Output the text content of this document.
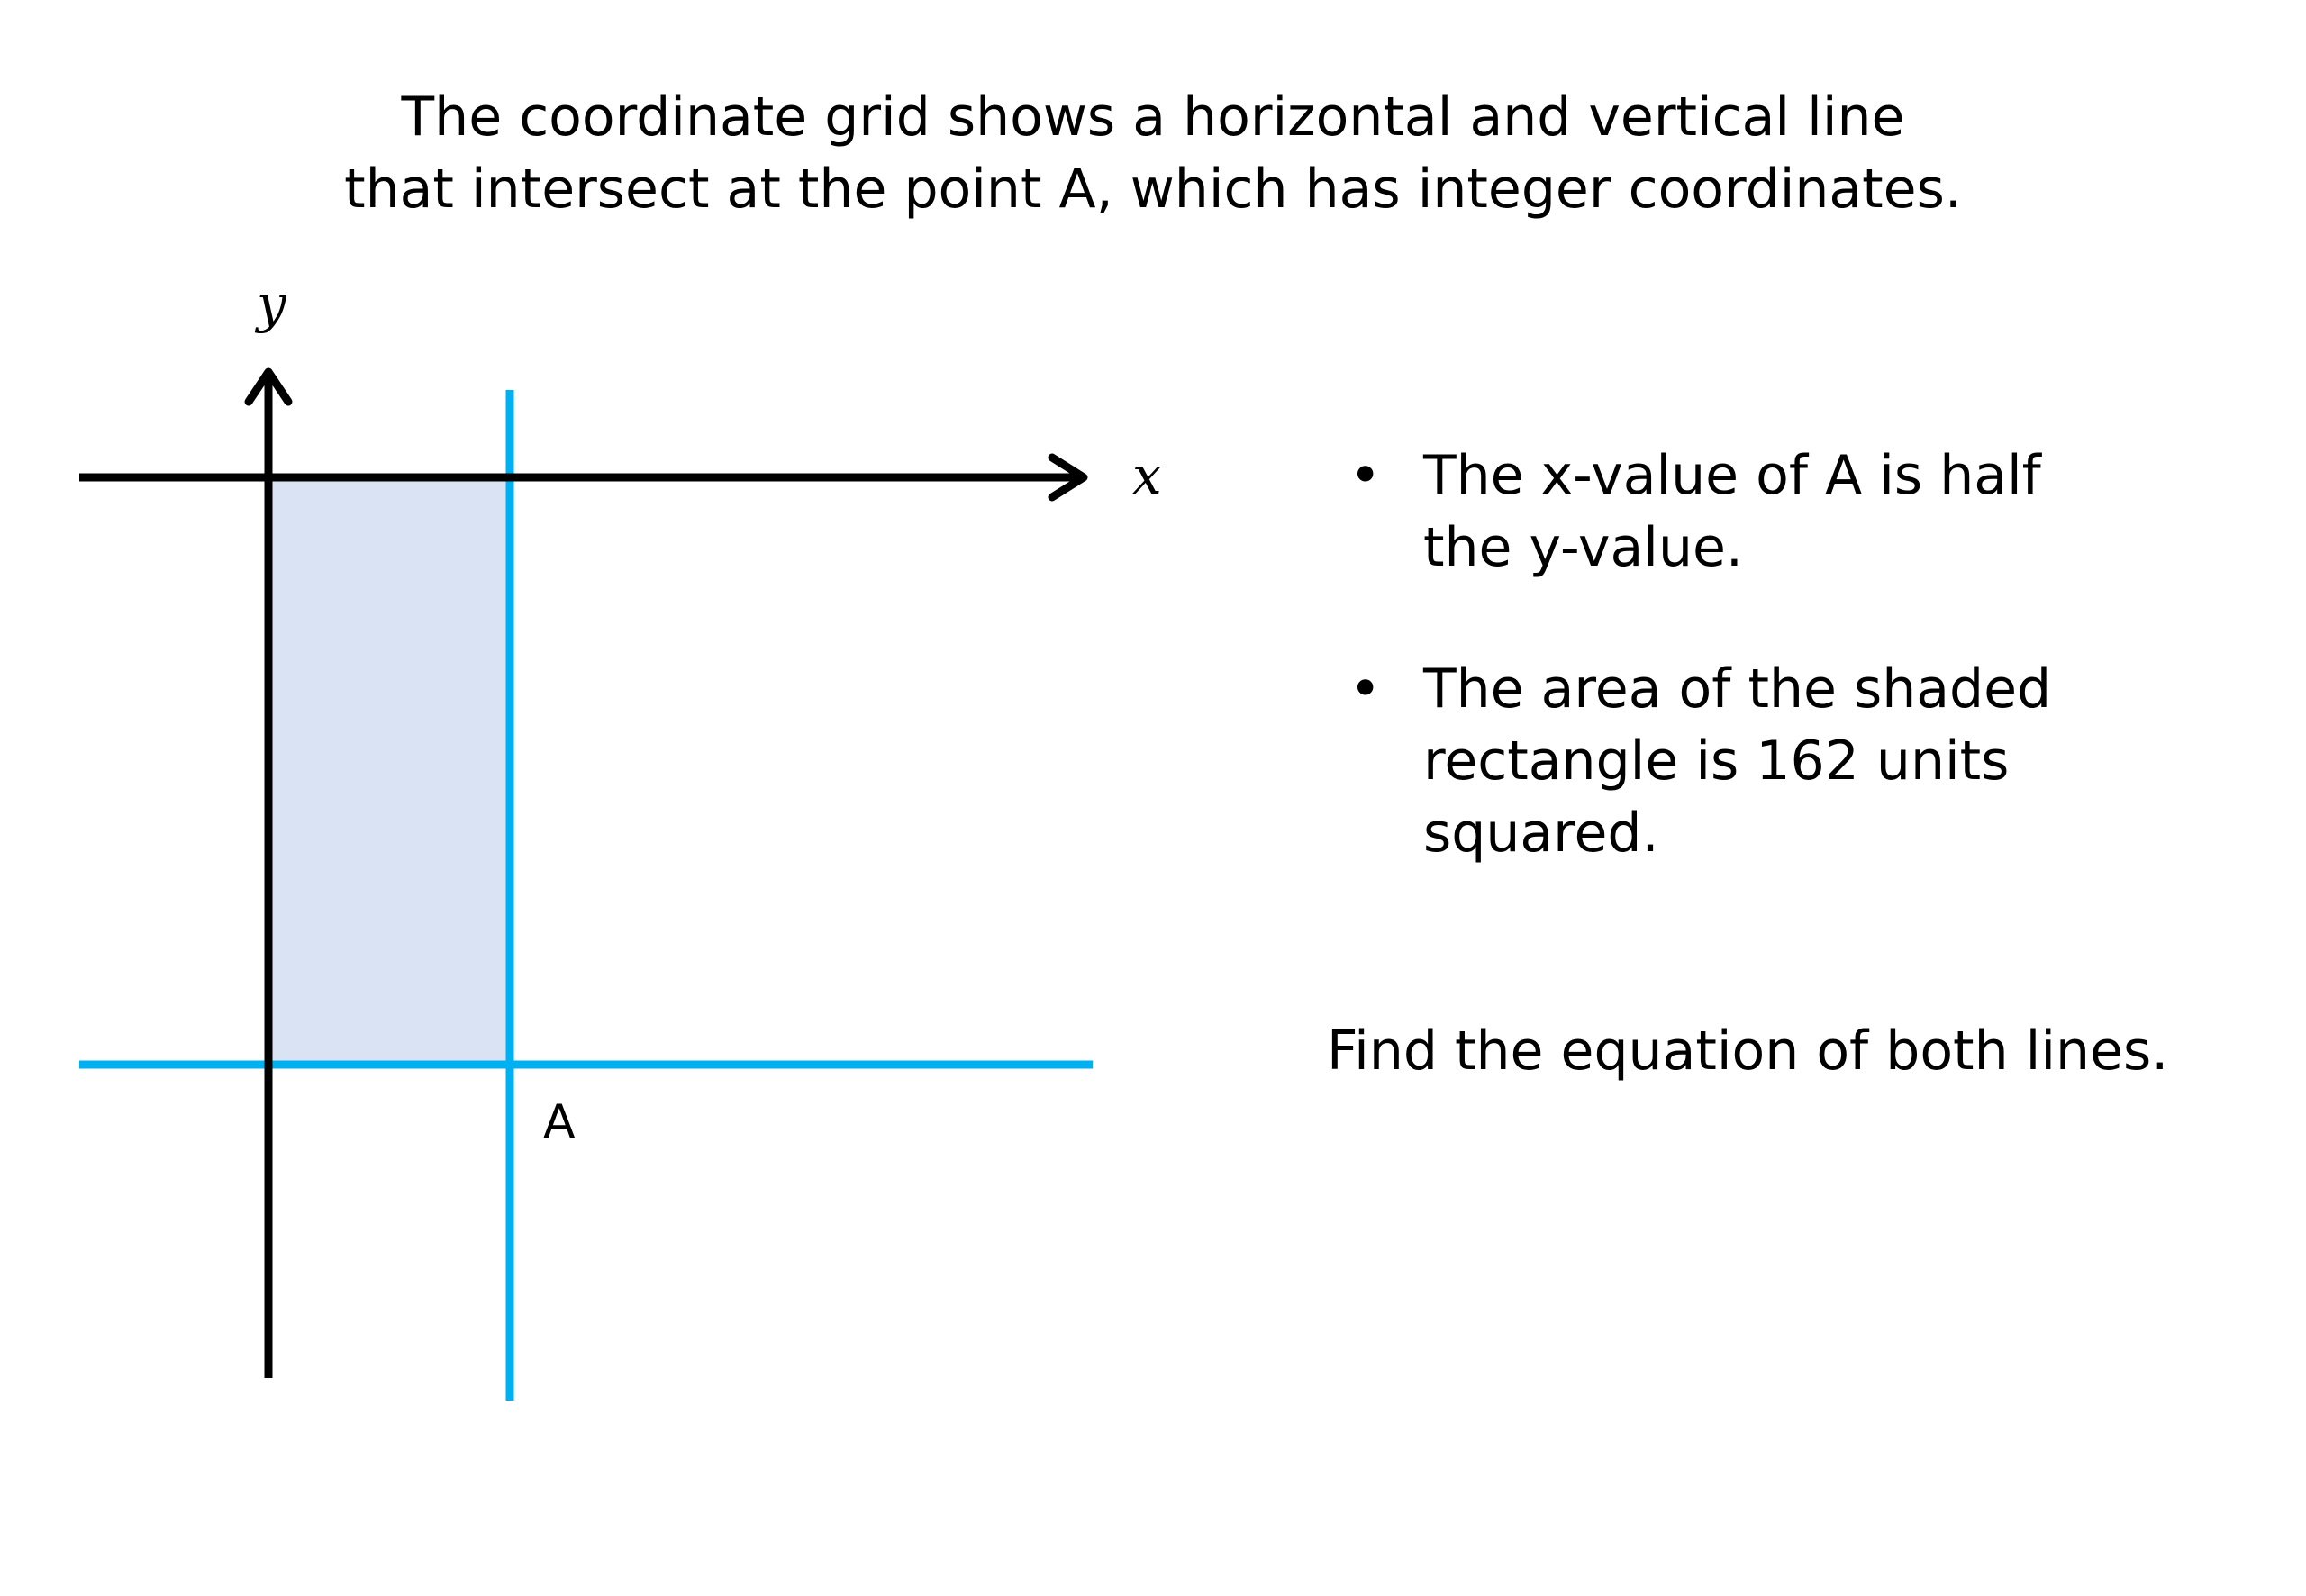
The coordinate grid shows a horizontal and vertical line
that intersect at the point A, which has integer coordinates.
x
y
A
• The x-value of A is half
the y-value.
• The area of the shaded
rectangle is 162 units
squared.
Find the equation of both lines.
